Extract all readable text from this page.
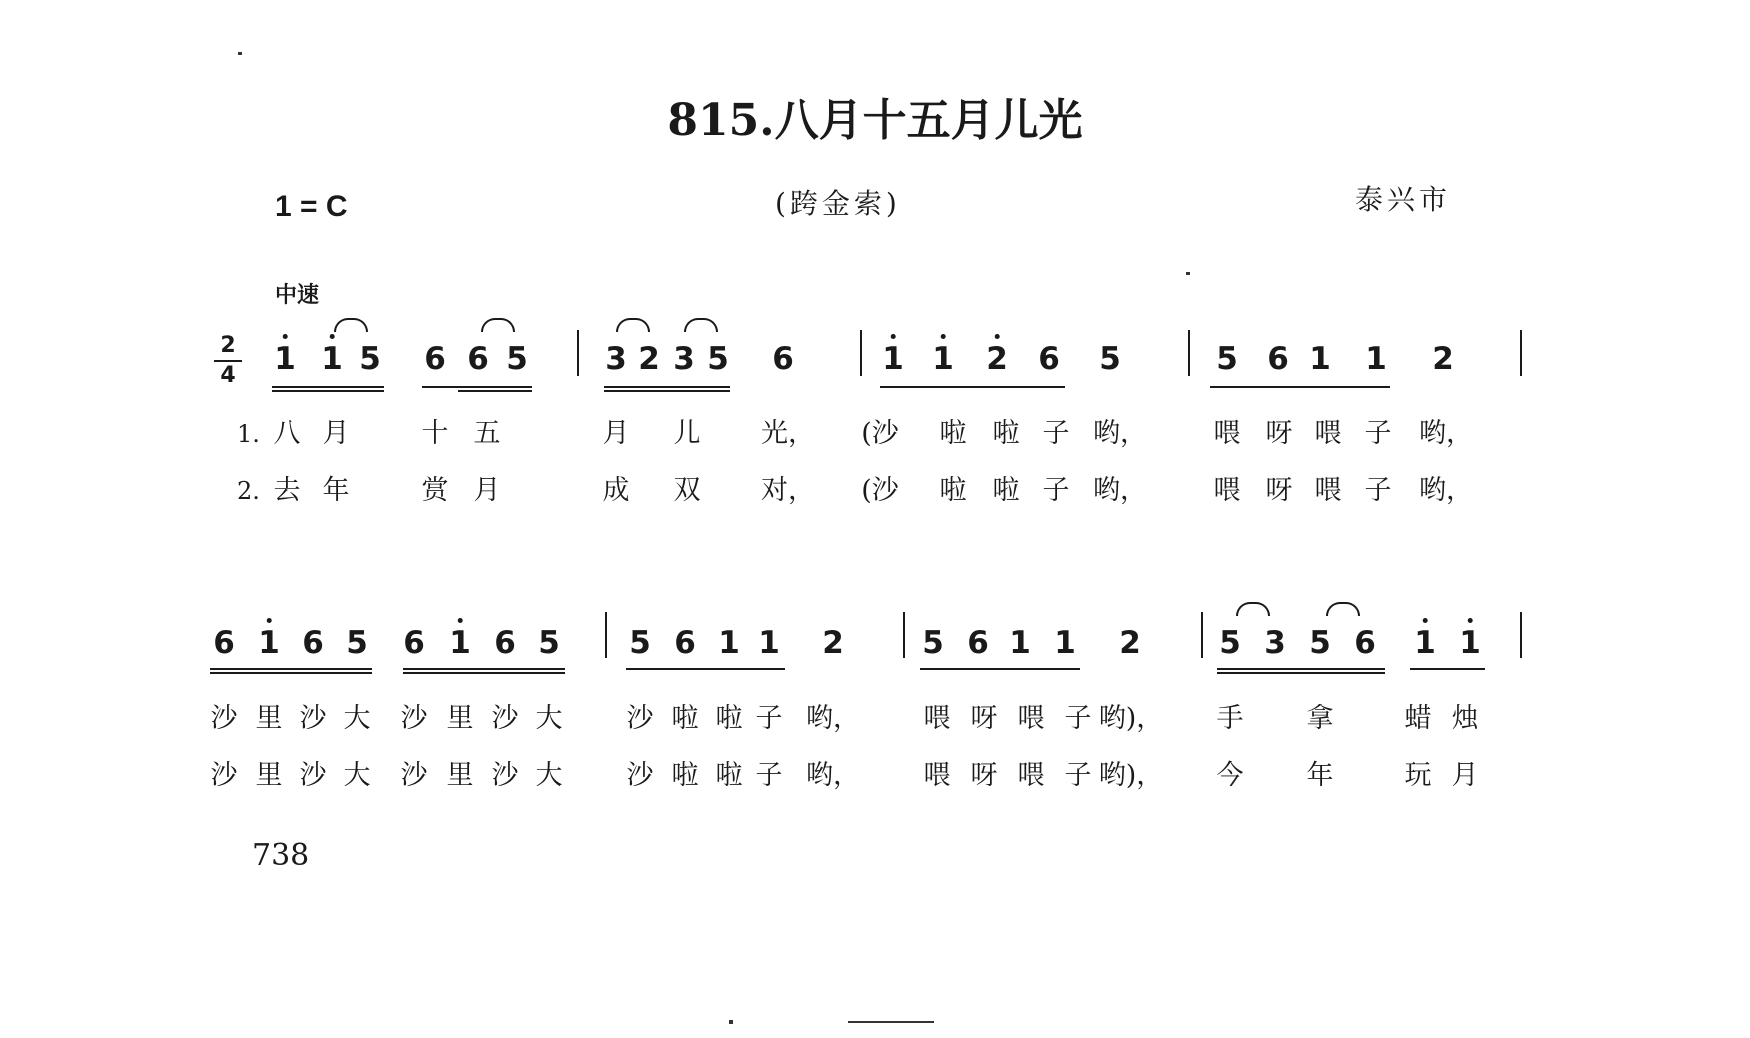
815.八月十五月儿光
1 = C	(跨金索)	泰兴市
中速
2
4 1 1 5 6 6 5 3 2 3 5 6	1 1 2 6 5	5 6 1 1 2
1.
2.
八 月	十 五	月 儿 光， (沙 啦 啦 子 哟， 喂 呀 喂 子 哟，
去 年	赏 月	成 双 对， (沙 啦 啦 子 哟， 喂 呀 喂 子 哟，
6 1 6 5 6 1 6 5 5 6 1 1 2	5 6 1 1 2	5 3 5 6 1 1
沙 里 沙 大 沙 里 沙 大 沙 啦 啦 子 哟， 喂 呀 喂 子 哟)， 手 拿	蜡 烛
沙 里 沙 大 沙 里 沙 大 沙 啦 啦 子 哟， 喂 呀 喂 子 哟)， 今 年	玩 月
738
